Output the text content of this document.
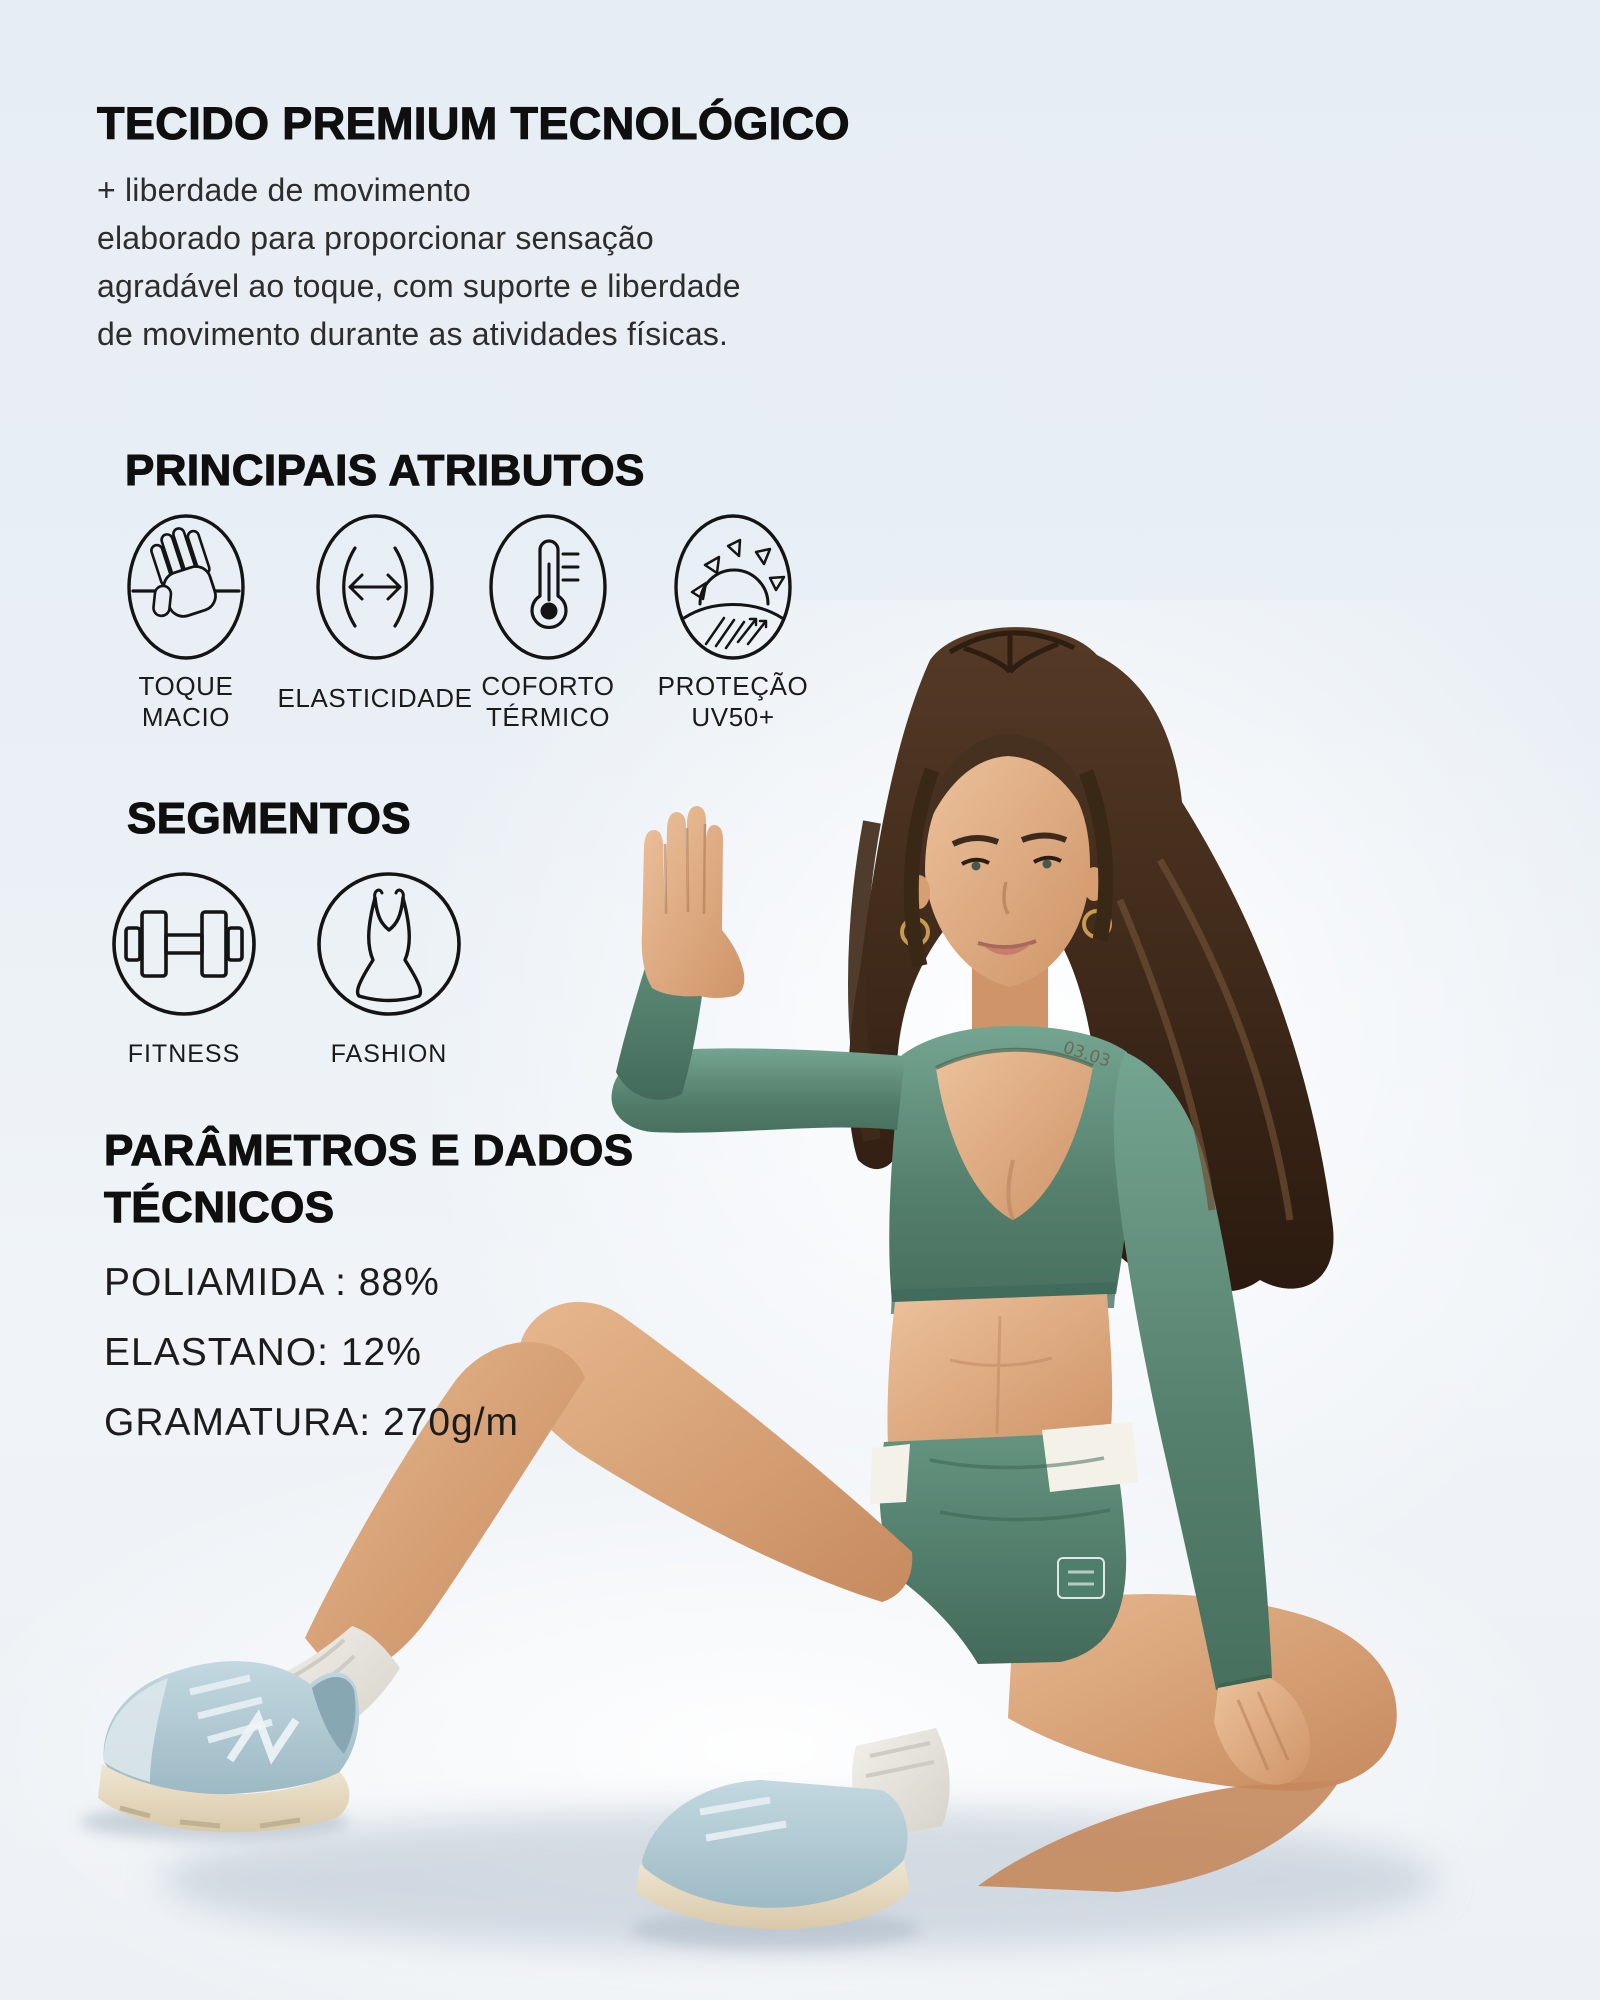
03.03
TECIDO PREMIUM TECNOLÓGICO
+ liberdade de movimento
elaborado para proporcionar sensação
agradável ao toque, com suporte e liberdade
de movimento durante as atividades físicas.
PRINCIPAIS ATRIBUTOS
TOQUE MACIO
ELASTICIDADE COFORTO
TÉRMICO
PROTEÇÃO
UV50+
SEGMENTOS
FITNESS	FASHION
PARÂMETROS E DADOS
TÉCNICOS
POLIAMIDA : 88%
ELASTANO: 12%
GRAMATURA: 270g/m
